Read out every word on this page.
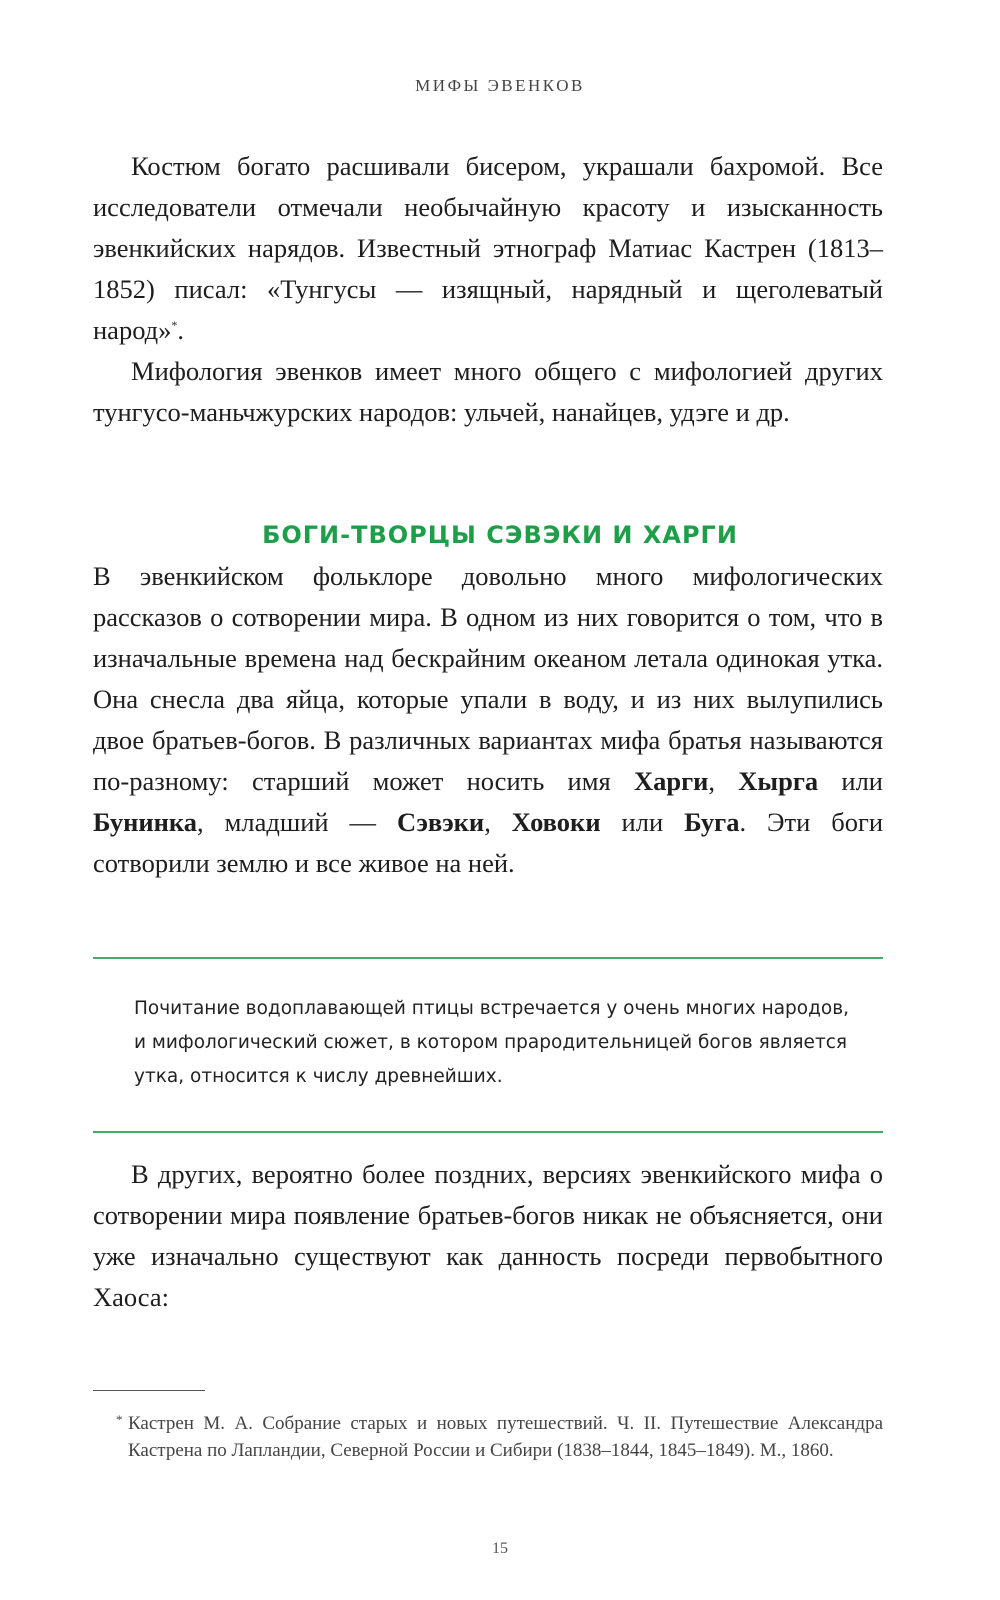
МИФЫ ЭВЕНКОВ

Костюм богато расшивали бисером, украшали бахромой. Все исследователи отмечали необычайную красоту и изысканность эвенкийских нарядов. Известный этнограф Матиас Кастрен (1813–1852) писал: «Тунгусы — изящный, нарядный и щеголеватый народ»*.

Мифология эвенков имеет много общего с мифологией других тунгусо-маньчжурских народов: ульчей, нанайцев, удэге и др.

БОГИ-ТВОРЦЫ СЭВЭКИ И ХАРГИ

В эвенкийском фольклоре довольно много мифологических рассказов о сотворении мира. В одном из них говорится о том, что в изначальные времена над бескрайним океаном летала одинокая утка. Она снесла два яйца, которые упали в воду, и из них вылупились двое братьев-богов. В различных вариантах мифа братья называются по-разному: старший может носить имя Харги, Хырга или Бунинка, младший — Сэвэки, Ховоки или Буга. Эти боги сотворили землю и все живое на ней.

Почитание водоплавающей птицы встречается у очень многих народов, и мифологический сюжет, в котором прародительницей богов является утка, относится к числу древнейших.

В других, вероятно более поздних, версиях эвенкийского мифа о сотворении мира появление братьев-богов никак не объясняется, они уже изначально существуют как данность посреди первобытного Хаоса:

* Кастрен М. А. Собрание старых и новых путешествий. Ч. II. Путешествие Александра Кастрена по Лапландии, Северной России и Сибири (1838–1844, 1845–1849). М., 1860.

15
